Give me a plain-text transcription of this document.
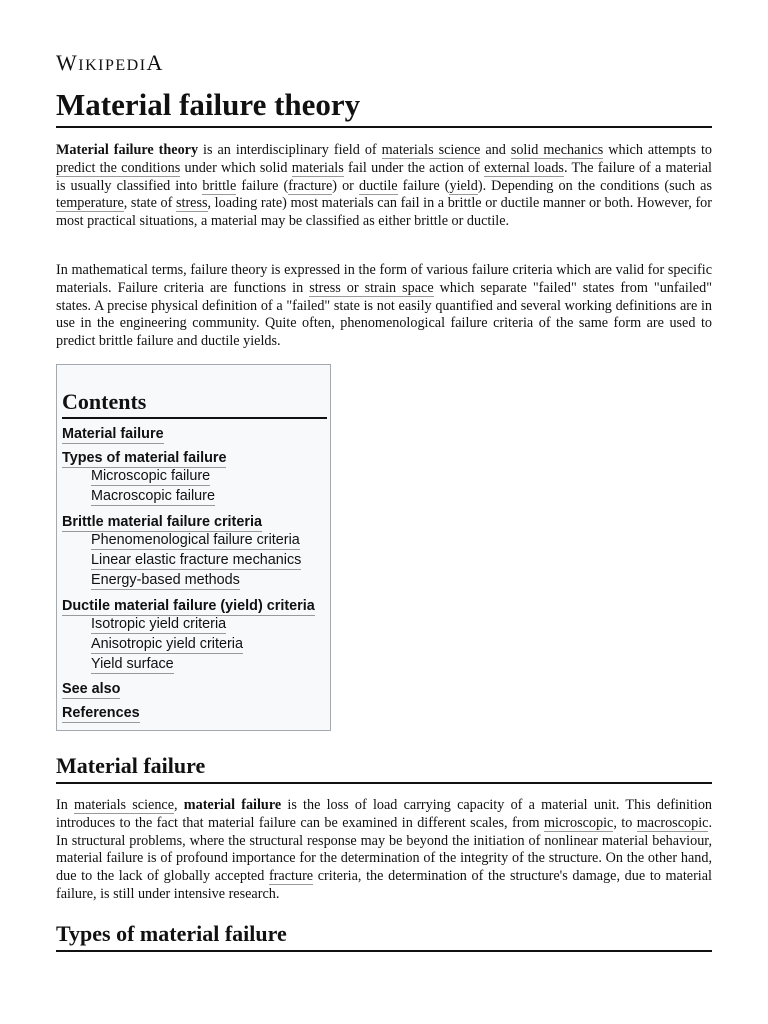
WIKIPEDIA
Material failure theory

Material failure theory is an interdisciplinary field of materials science and solid mechanics which attempts to predict the conditions under which solid materials fail under the action of external loads. The failure of a material is usually classified into brittle failure (fracture) or ductile failure (yield). Depending on the conditions (such as temperature, state of stress, loading rate) most materials can fail in a brittle or ductile manner or both. However, for most practical situations, a material may be classified as either brittle or ductile.

In mathematical terms, failure theory is expressed in the form of various failure criteria which are valid for specific materials. Failure criteria are functions in stress or strain space which separate "failed" states from "unfailed" states. A precise physical definition of a "failed" state is not easily quantified and several working definitions are in use in the engineering community. Quite often, phenomenological failure criteria of the same form are used to predict brittle failure and ductile yields.

Contents
Material failure
Types of material failure
Microscopic failure
Macroscopic failure
Brittle material failure criteria
Phenomenological failure criteria
Linear elastic fracture mechanics
Energy-based methods
Ductile material failure (yield) criteria
Isotropic yield criteria
Anisotropic yield criteria
Yield surface
See also
References
Material failure

In materials science, material failure is the loss of load carrying capacity of a material unit. This definition introduces to the fact that material failure can be examined in different scales, from microscopic, to macroscopic. In structural problems, where the structural response may be beyond the initiation of nonlinear material behaviour, material failure is of profound importance for the determination of the integrity of the structure. On the other hand, due to the lack of globally accepted fracture criteria, the determination of the structure's damage, due to material failure, is still under intensive research.

Types of material failure
